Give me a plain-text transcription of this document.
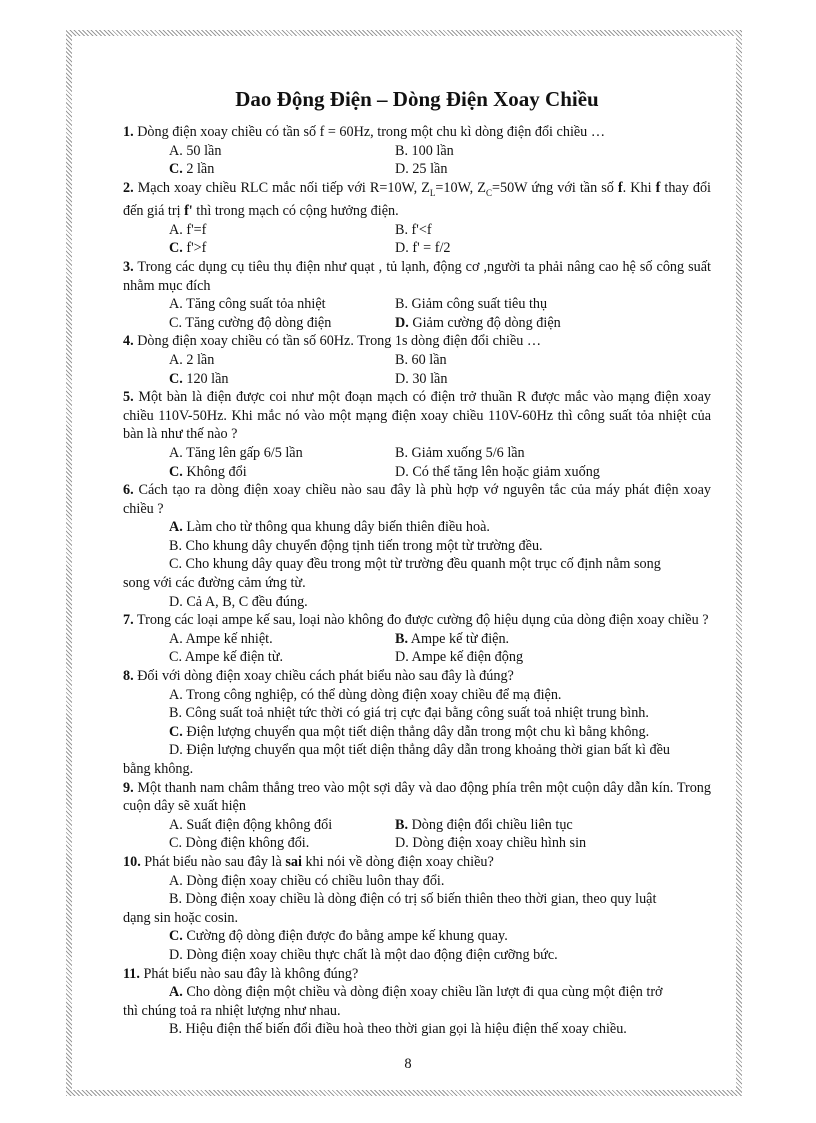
Dao Động Điện – Dòng Điện Xoay Chiều

1. Dòng điện xoay chiều có tần số f = 60Hz, trong một chu kì dòng điện đổi chiều …

A. 50 lần	B. 100 lần
C. 2 lần	D. 25 lần

2. Mạch xoay chiều RLC mắc nối tiếp với R=10W, $Z_L=10W$, $Z_C=50W$ ứng với tần số f. Khi f thay đổi đến giá trị f' thì trong mạch có cộng hưởng điện.

A. f'=f	B. f'<f
C. f'>f	D. f' = f/2

3. Trong các dụng cụ tiêu thụ điện như quạt , tủ lạnh, động cơ ,người ta phải nâng cao hệ số công suất nhằm mục đích

A. Tăng công suất tỏa nhiệt	B. Giảm công suất tiêu thụ
C. Tăng cường độ dòng điện	D. Giảm cường độ dòng điện

4. Dòng điện xoay chiều có tần số 60Hz. Trong 1s dòng điện đổi chiều …

A. 2 lần	B. 60 lần
C. 120 lần	D. 30 lần

5. Một bàn là điện được coi như một đoạn mạch có điện trở thuần R được mắc vào mạng điện xoay chiều 110V-50Hz. Khi mắc nó vào một mạng điện xoay chiều 110V-60Hz thì công suất tỏa nhiệt của bàn là như thế nào ?

A. Tăng lên gấp 6/5 lần	B. Giảm xuống 5/6 lần
C. Không đổi	D. Có thể tăng lên hoặc giảm xuống

6. Cách tạo ra dòng điện xoay chiều nào sau đây là phù hợp vớ nguyên tắc của máy phát điện xoay chiều ?

A. Làm cho từ thông qua khung dây biến thiên điều hoà.

B. Cho khung dây chuyển động tịnh tiến trong một từ trường đều.

C. Cho khung dây quay đều trong một từ trường đều quanh một trục cố định nằm song

song với các đường cảm ứng từ.

D. Cả A, B, C đều đúng.

7. Trong các loại ampe kế sau, loại nào không đo được cường độ hiệu dụng của dòng điện xoay chiều ?

A. Ampe kế nhiệt.	B. Ampe kế từ điện.
C. Ampe kế điện từ.	D. Ampe kế điện động

8. Đối với dòng điện xoay chiều cách phát biểu nào sau đây là đúng?

A. Trong công nghiệp, có thể dùng dòng điện xoay chiều để mạ điện.

B. Công suất toả nhiệt tức thời có giá trị cực đại bằng công suất toả nhiệt trung bình.

C. Điện lượng chuyển qua một tiết diện thẳng dây dẫn trong một chu kì bằng không.

D. Điện lượng chuyển qua một tiết diện thẳng dây dẫn trong khoảng thời gian bất kì đều

bằng không.

9. Một thanh nam châm thẳng treo vào một sợi dây và dao động phía trên một cuộn dây dẫn kín. Trong cuộn dây sẽ xuất hiện

A. Suất điện động không đổi	B. Dòng điện đổi chiều liên tục
C. Dòng điện không đổi.	D. Dòng điện xoay chiều hình sin

10. Phát biểu nào sau đây là sai khi nói về dòng điện xoay chiều?

A. Dòng điện xoay chiều có chiều luôn thay đổi.

B. Dòng điện xoay chiều là dòng điện có trị số biến thiên theo thời gian, theo quy luật

dạng sin hoặc cosin.

C. Cường độ dòng điện được đo bằng ampe kế khung quay.

D. Dòng điện xoay chiều thực chất là một dao động điện cưỡng bức.

11. Phát biểu nào sau đây là không đúng?

A. Cho dòng điện một chiều và dòng điện xoay chiều lần lượt đi qua cùng một điện trở

thì chúng toả ra nhiệt lượng như nhau.

B. Hiệu điện thế biến đổi điều hoà theo thời gian gọi là hiệu điện thế xoay chiều.

8
